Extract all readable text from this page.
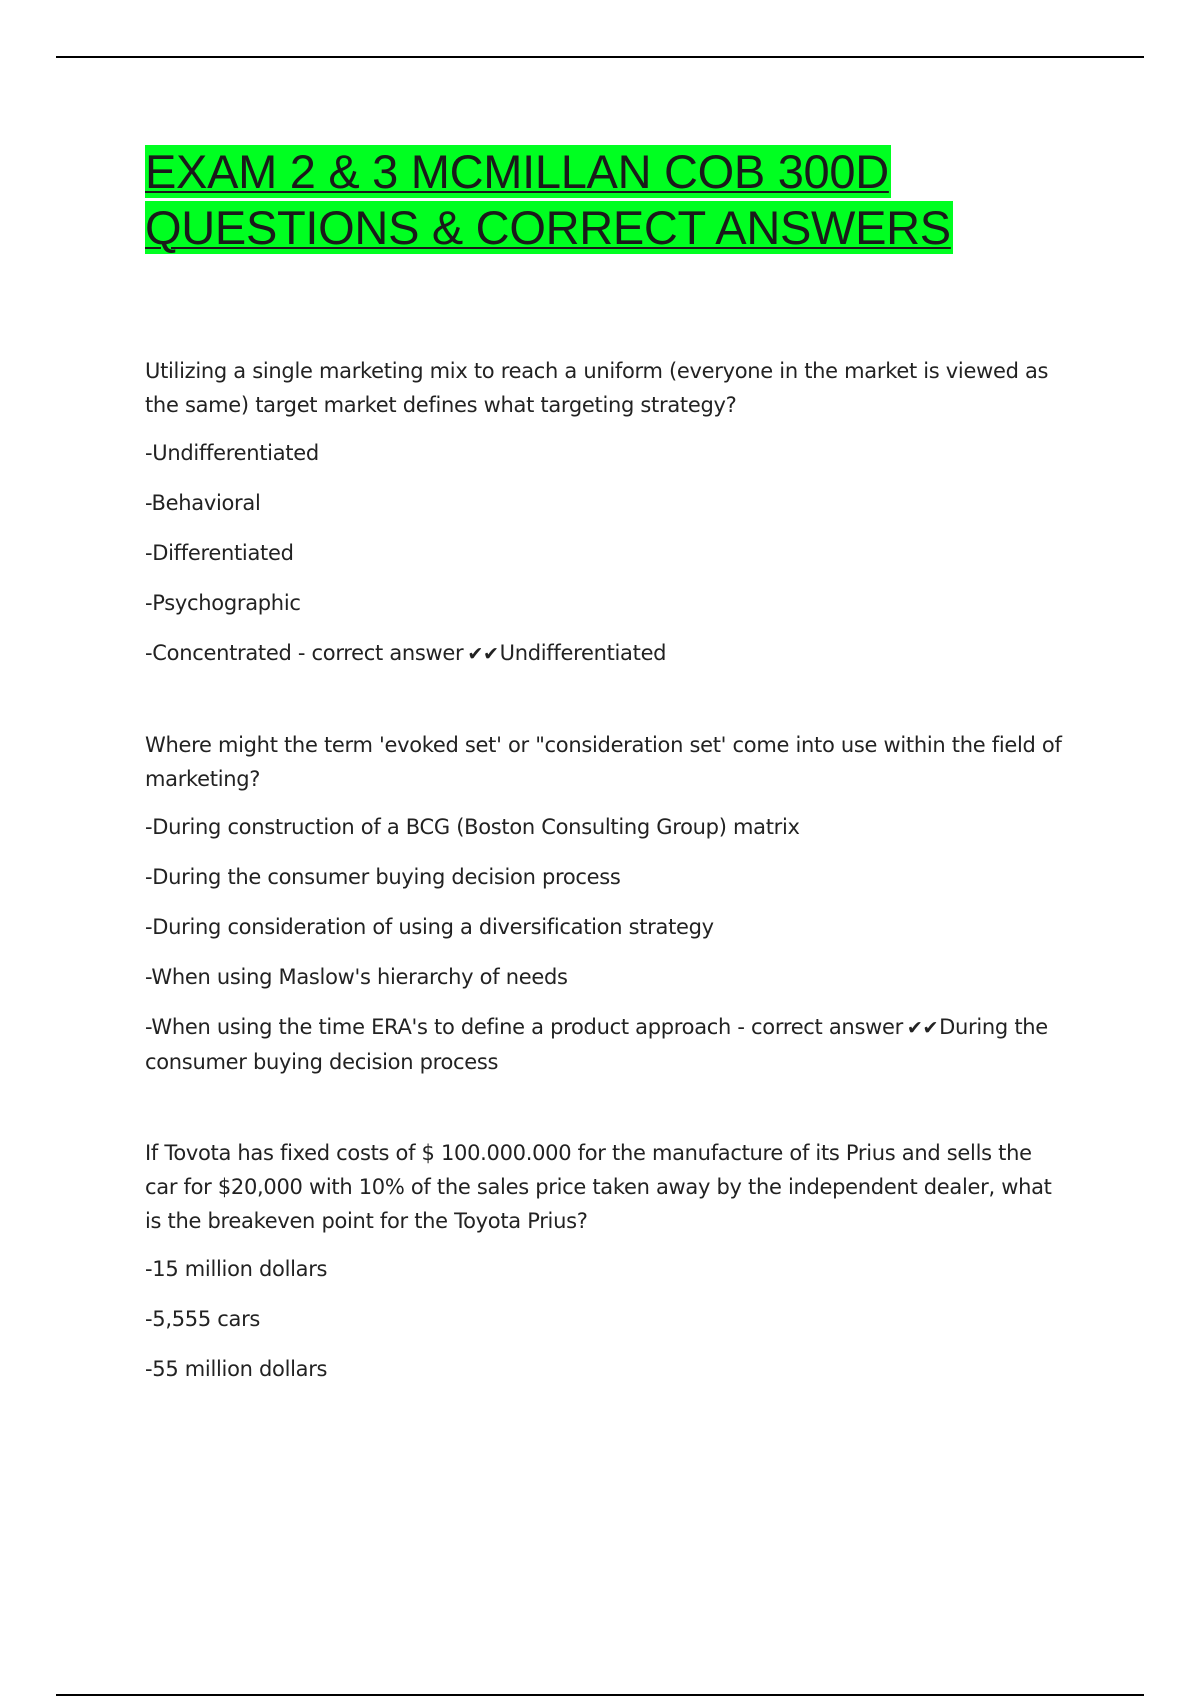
EXAM 2 & 3 MCMILLAN COB 300D
QUESTIONS & CORRECT ANSWERS
Utilizing a single marketing mix to reach a uniform (everyone in the market is viewed as the same) target market defines what targeting strategy?
-Undifferentiated
-Behavioral
-Differentiated
-Psychographic
-Concentrated - correct answer ✔✔Undifferentiated
Where might the term 'evoked set' or "consideration set' come into use within the field of marketing?
-During construction of a BCG (Boston Consulting Group) matrix
-During the consumer buying decision process
-During consideration of using a diversification strategy
-When using Maslow's hierarchy of needs
-When using the time ERA's to define a product approach - correct answer ✔✔During the consumer buying decision process
If Tovota has fixed costs of $ 100.000.000 for the manufacture of its Prius and sells the car for $20,000 with 10% of the sales price taken away by the independent dealer, what is the breakeven point for the Toyota Prius?
-15 million dollars
-5,555 cars
-55 million dollars
